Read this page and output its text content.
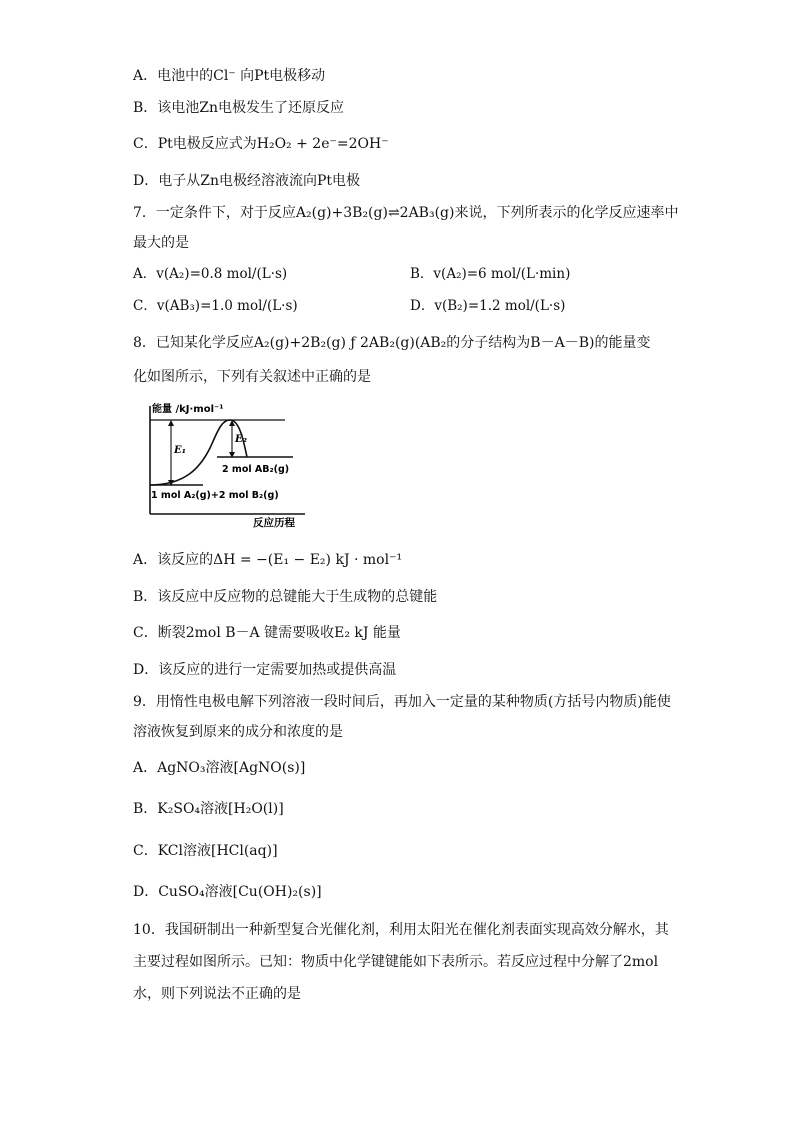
A．电池中的Cl⁻ 向Pt电极移动
B．该电池Zn电极发生了还原反应
C．Pt电极反应式为H₂O₂ + 2e⁻=2OH⁻
D．电子从Zn电极经溶液流向Pt电极
7．一定条件下，对于反应A₂(g)+3B₂(g)⇌2AB₃(g)来说，下列所表示的化学反应速率中
最大的是
A．v(A₂)=0.8 mol/(L·s)	B．v(A₂)=6 mol/(L·min)
C．v(AB₃)=1.0 mol/(L·s)	D．v(B₂)=1.2 mol/(L·s)
8．已知某化学反应A₂(g)+2B₂(g) ƒ 2AB₂(g)(AB₂的分子结构为B－A－B)的能量变
化如图所示，下列有关叙述中正确的是
能量 /kJ·mol⁻¹
E₁
E₂
2 mol AB₂(g)
1 mol A₂(g)+2 mol B₂(g)
反应历程
A．该反应的ΔH = −(E₁ − E₂) kJ · mol⁻¹
B．该反应中反应物的总键能大于生成物的总键能
C．断裂2mol B－A 键需要吸收E₂ kJ 能量
D．该反应的进行一定需要加热或提供高温
9．用惰性电极电解下列溶液一段时间后，再加入一定量的某种物质(方括号内物质)能使
溶液恢复到原来的成分和浓度的是
A．AgNO₃溶液[AgNO(s)]
B．K₂SO₄溶液[H₂O(l)]
C．KCl溶液[HCl(aq)]
D．CuSO₄溶液[Cu(OH)₂(s)]
10．我国研制出一种新型复合光催化剂，利用太阳光在催化剂表面实现高效分解水，其
主要过程如图所示。已知：物质中化学键键能如下表所示。若反应过程中分解了2mol
水，则下列说法不正确的是
